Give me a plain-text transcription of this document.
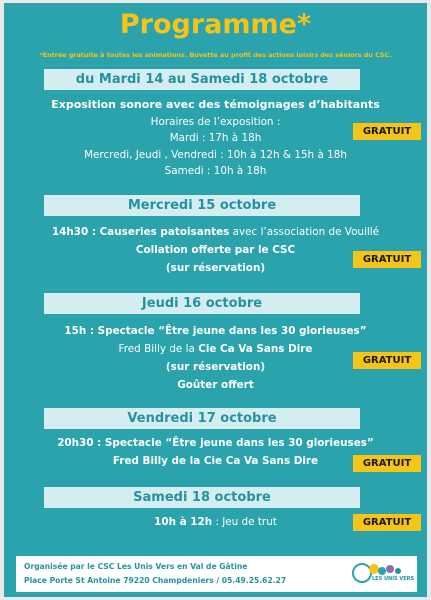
Programme*
*Entrée gratuite à toutes les animations. Buvette au profit des actions loisirs des séniors du CSC.
du Mardi 14 au Samedi 18 octobre
Exposition sonore avec des témoignages d’habitants
Horaires de l’exposition :
Mardi : 17h à 18h
Mercredi, Jeudi , Vendredi : 10h à 12h & 15h à 18h
Samedi : 10h à 18h
GRATUIT
Mercredi 15 octobre
14h30 : Causeries patoisantes avec l’association de Vouillé
Collation offerte par le CSC
(sur réservation)
GRATUIT
Jeudi 16 octobre
15h : Spectacle “Être jeune dans les 30 glorieuses”
Fred Billy de la Cie Ca Va Sans Dire
(sur réservation)
Goûter offert
GRATUIT
Vendredi 17 octobre
20h30 : Spectacle “Être jeune dans les 30 glorieuses”
Fred Billy de la Cie Ca Va Sans Dire	GRATUIT
Samedi 18 octobre
10h à 12h : Jeu de trut	GRATUIT
Organisée par le CSC Les Unis Vers en Val de Gâtine
Place Porte St Antoine 79220 Champdeniers / 05.49.25.62.27	LES UNIS VERS
